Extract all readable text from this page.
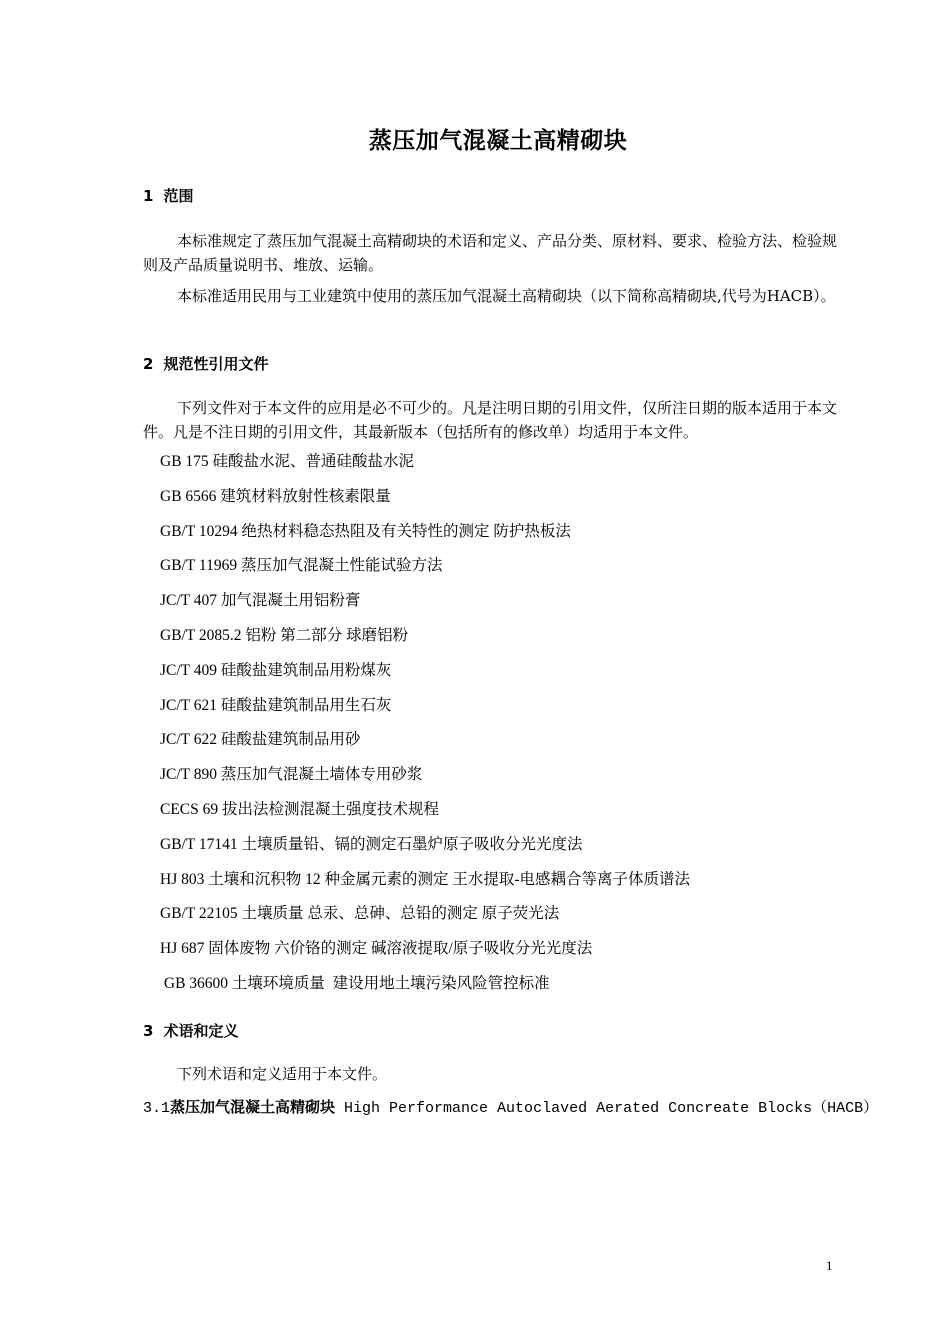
蒸压加气混凝土高精砌块
1 范围

本标准规定了蒸压加气混凝土高精砌块的术语和定义、产品分类、原材料、要求、检验方法、检验规则及产品质量说明书、堆放、运输。

本标准适用民用与工业建筑中使用的蒸压加气混凝土高精砌块（以下简称高精砌块,代号为HACB）。

2 规范性引用文件

下列文件对于本文件的应用是必不可少的。凡是注明日期的引用文件，仅所注日期的版本适用于本文件。凡是不注日期的引用文件，其最新版本（包括所有的修改单）均适用于本文件。

GB 175 硅酸盐水泥、普通硅酸盐水泥
GB 6566 建筑材料放射性核素限量
GB/T 10294 绝热材料稳态热阻及有关特性的测定 防护热板法
GB/T 11969 蒸压加气混凝土性能试验方法
JC/T 407 加气混凝土用铝粉膏
GB/T 2085.2 铝粉 第二部分 球磨铝粉
JC/T 409 硅酸盐建筑制品用粉煤灰
JC/T 621 硅酸盐建筑制品用生石灰
JC/T 622 硅酸盐建筑制品用砂
JC/T 890 蒸压加气混凝土墙体专用砂浆
CECS 69 拔出法检测混凝土强度技术规程
GB/T 17141 土壤质量铅、镉的测定石墨炉原子吸收分光光度法
HJ 803 土壤和沉积物 12 种金属元素的测定 王水提取-电感耦合等离子体质谱法
GB/T 22105 土壤质量 总汞、总砷、总铅的测定 原子荧光法
HJ 687 固体废物 六价铬的测定 碱溶液提取/原子吸收分光光度法
GB 36600 土壤环境质量  建设用地土壤污染风险管控标准
3 术语和定义

下列术语和定义适用于本文件。

3.1蒸压加气混凝土高精砌块 High Performance Autoclaved Aerated Concreate Blocks（HACB）
1
